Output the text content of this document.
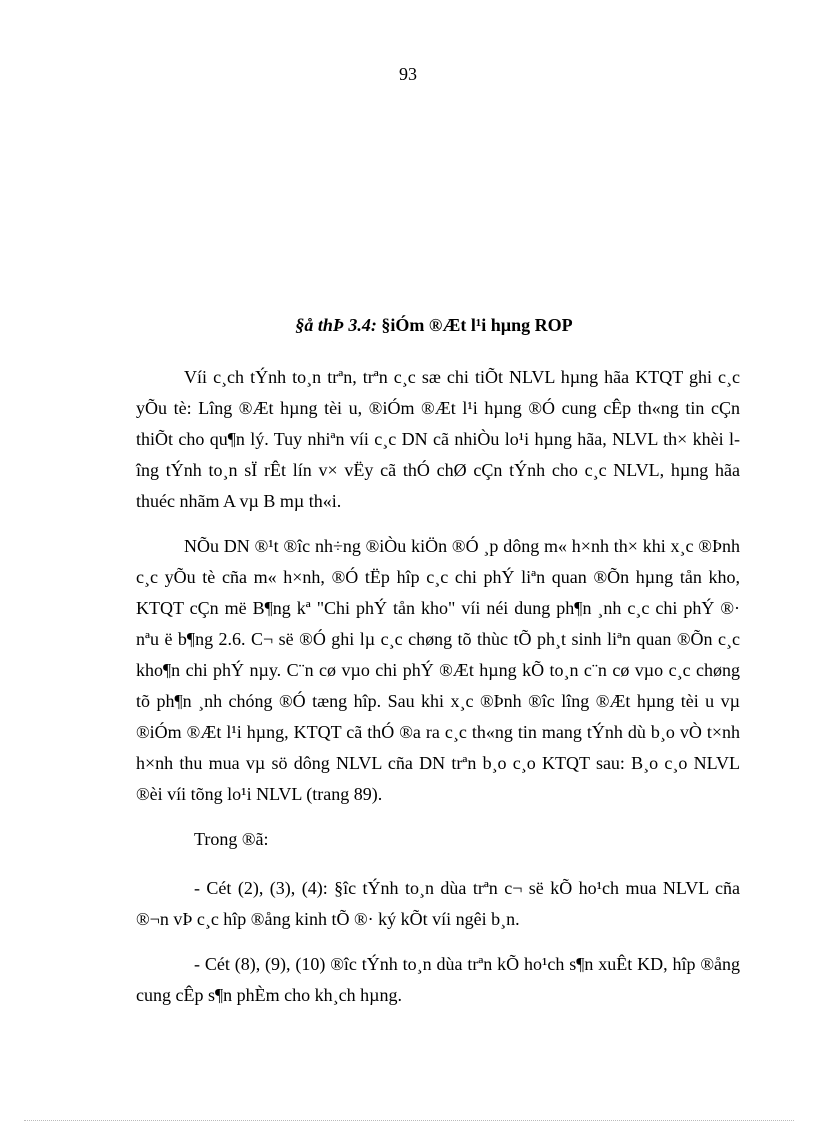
93
§å thÞ 3.4: §iÓm ®Æt l¹i hµng ROP

Víi c¸ch tÝnh to¸n trªn, trªn c¸c sæ chi tiÕt NLVL hµng hãa KTQT ghi c¸c yÕu tè: Lîng ®Æt hµng tèi u, ®iÓm ®Æt l¹i hµng ®Ó cung cÊp th«ng tin cÇn thiÕt cho qu¶n lý. Tuy nhiªn víi c¸c DN cã nhiÒu lo¹i hµng hãa, NLVL th× khèi lîng tÝnh to¸n sÏ rÊt lín v× vËy cã thÓ chØ cÇn tÝnh cho c¸c NLVL, hµng hãa thuéc nhãm A vµ B mµ th«i.

NÕu DN ®¹t ®îc nh÷ng ®iÒu kiÖn ®Ó ¸p dông m« h×nh th× khi x¸c ®Þnh c¸c yÕu tè cña m« h×nh, ®Ó tËp hîp c¸c chi phÝ liªn quan ®Õn hµng tån kho, KTQT cÇn më B¶ng kª "Chi phÝ tån kho" víi néi dung ph¶n ¸nh c¸c chi phÝ ®· nªu ë b¶ng 2.6. C¬ së ®Ó ghi lµ c¸c chøng tõ thùc tÕ ph¸t sinh liªn quan ®Õn c¸c kho¶n chi phÝ nµy. C¨n cø vµo chi phÝ ®Æt hµng kÕ to¸n c¨n cø vµo c¸c chøng tõ ph¶n ¸nh chóng ®Ó tæng hîp. Sau khi x¸c ®Þnh ®îc lîng ®Æt hµng tèi u vµ ®iÓm ®Æt l¹i hµng, KTQT cã thÓ ®a ra c¸c th«ng tin mang tÝnh dù b¸o vÒ t×nh h×nh thu mua vµ sö dông NLVL cña DN trªn b¸o c¸o KTQT sau: B¸o c¸o NLVL ®èi víi tõng lo¹i NLVL (trang 89).

Trong ®ã:

- Cét (2), (3), (4): §îc tÝnh to¸n dùa trªn c¬ së kÕ ho¹ch mua NLVL cña ®¬n vÞ c¸c hîp ®ång kinh tÕ ®· ký kÕt víi ngêi b¸n.

- Cét (8), (9), (10) ®îc tÝnh to¸n dùa trªn kÕ ho¹ch s¶n xuÊt KD, hîp ®ång cung cÊp s¶n phÈm cho kh¸ch hµng.
